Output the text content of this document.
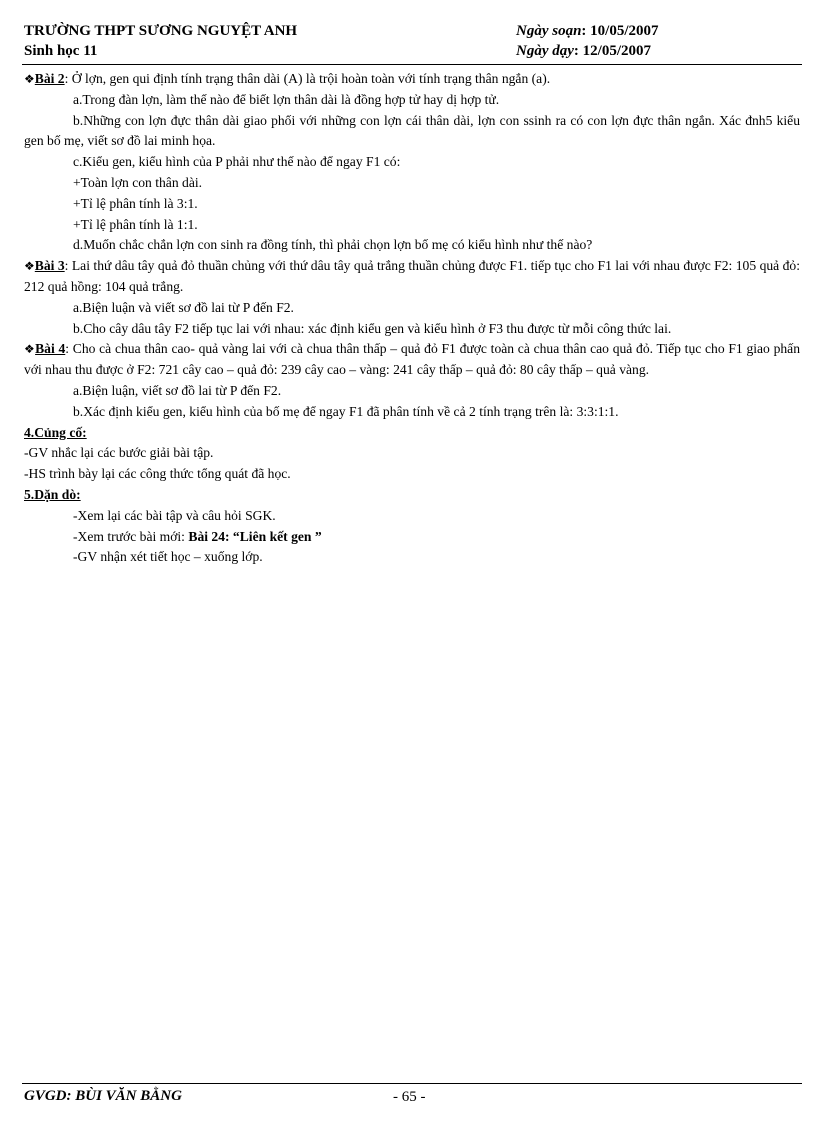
TRƯỜNG THPT SƯƠNG NGUYỆT ANH
Sinh học 11
Ngày soạn: 10/05/2007
Ngày dạy: 12/05/2007

❖Bài 2: Ở lợn, gen qui định tính trạng thân dài (A) là trội hoàn toàn với tính trạng thân ngắn (a).

a.Trong đàn lợn, làm thế nào để biết lợn thân dài là đồng hợp tử hay dị hợp tử.

b.Những con lợn đực thân dài giao phối với những con lợn cái thân dài, lợn con ssinh ra có con lợn đực thân ngắn. Xác đnh5 kiểu gen bố mẹ, viết sơ đồ lai minh họa.

c.Kiểu gen, kiểu hình của P phải như thế nào để ngay F1 có:

+Toàn lợn con thân dài.

+Tỉ lệ phân tính là 3:1.

+Tỉ lệ phân tính là 1:1.

d.Muốn chắc chắn lợn con sinh ra đồng tính, thì phải chọn lợn bố mẹ có kiểu hình như thế nào?

❖Bài 3: Lai thứ dâu tây quả đỏ thuần chủng với thứ dâu tây quả trắng thuần chủng được F1. tiếp tục cho F1 lai với nhau được F2: 105 quả đỏ: 212 quả hồng: 104 quả trắng.

a.Biện luận và viết sơ đồ lai từ P đến F2.

b.Cho cây dâu tây F2 tiếp tục lai với nhau: xác định kiểu gen và kiểu hình ở F3 thu được từ mỗi công thức lai.

❖Bài 4: Cho cà chua thân cao- quả vàng lai với cà chua thân thấp – quả đỏ F1 được toàn cà chua thân cao quả đỏ. Tiếp tục cho F1 giao phấn với nhau thu được ở F2: 721 cây cao – quả đỏ: 239 cây cao – vàng: 241 cây thấp – quả đỏ: 80 cây thấp – quả vàng.

a.Biện luận, viết sơ đồ lai từ P đến F2.

b.Xác định kiểu gen, kiểu hình của bố mẹ để ngay F1 đã phân tính về cả 2 tính trạng trên là: 3:3:1:1.

4.Củng cố:

-GV nhắc lại các bước giải bài tập.

-HS trình bày lại các công thức tổng quát đã học.

5.Dặn dò:

-Xem lại các bài tập và câu hỏi SGK.

-Xem trước bài mới: Bài 24: “Liên kết gen ”

-GV nhận xét tiết học – xuống lớp.

GVGD: BÙI VĂN BẰNG	- 65 -
